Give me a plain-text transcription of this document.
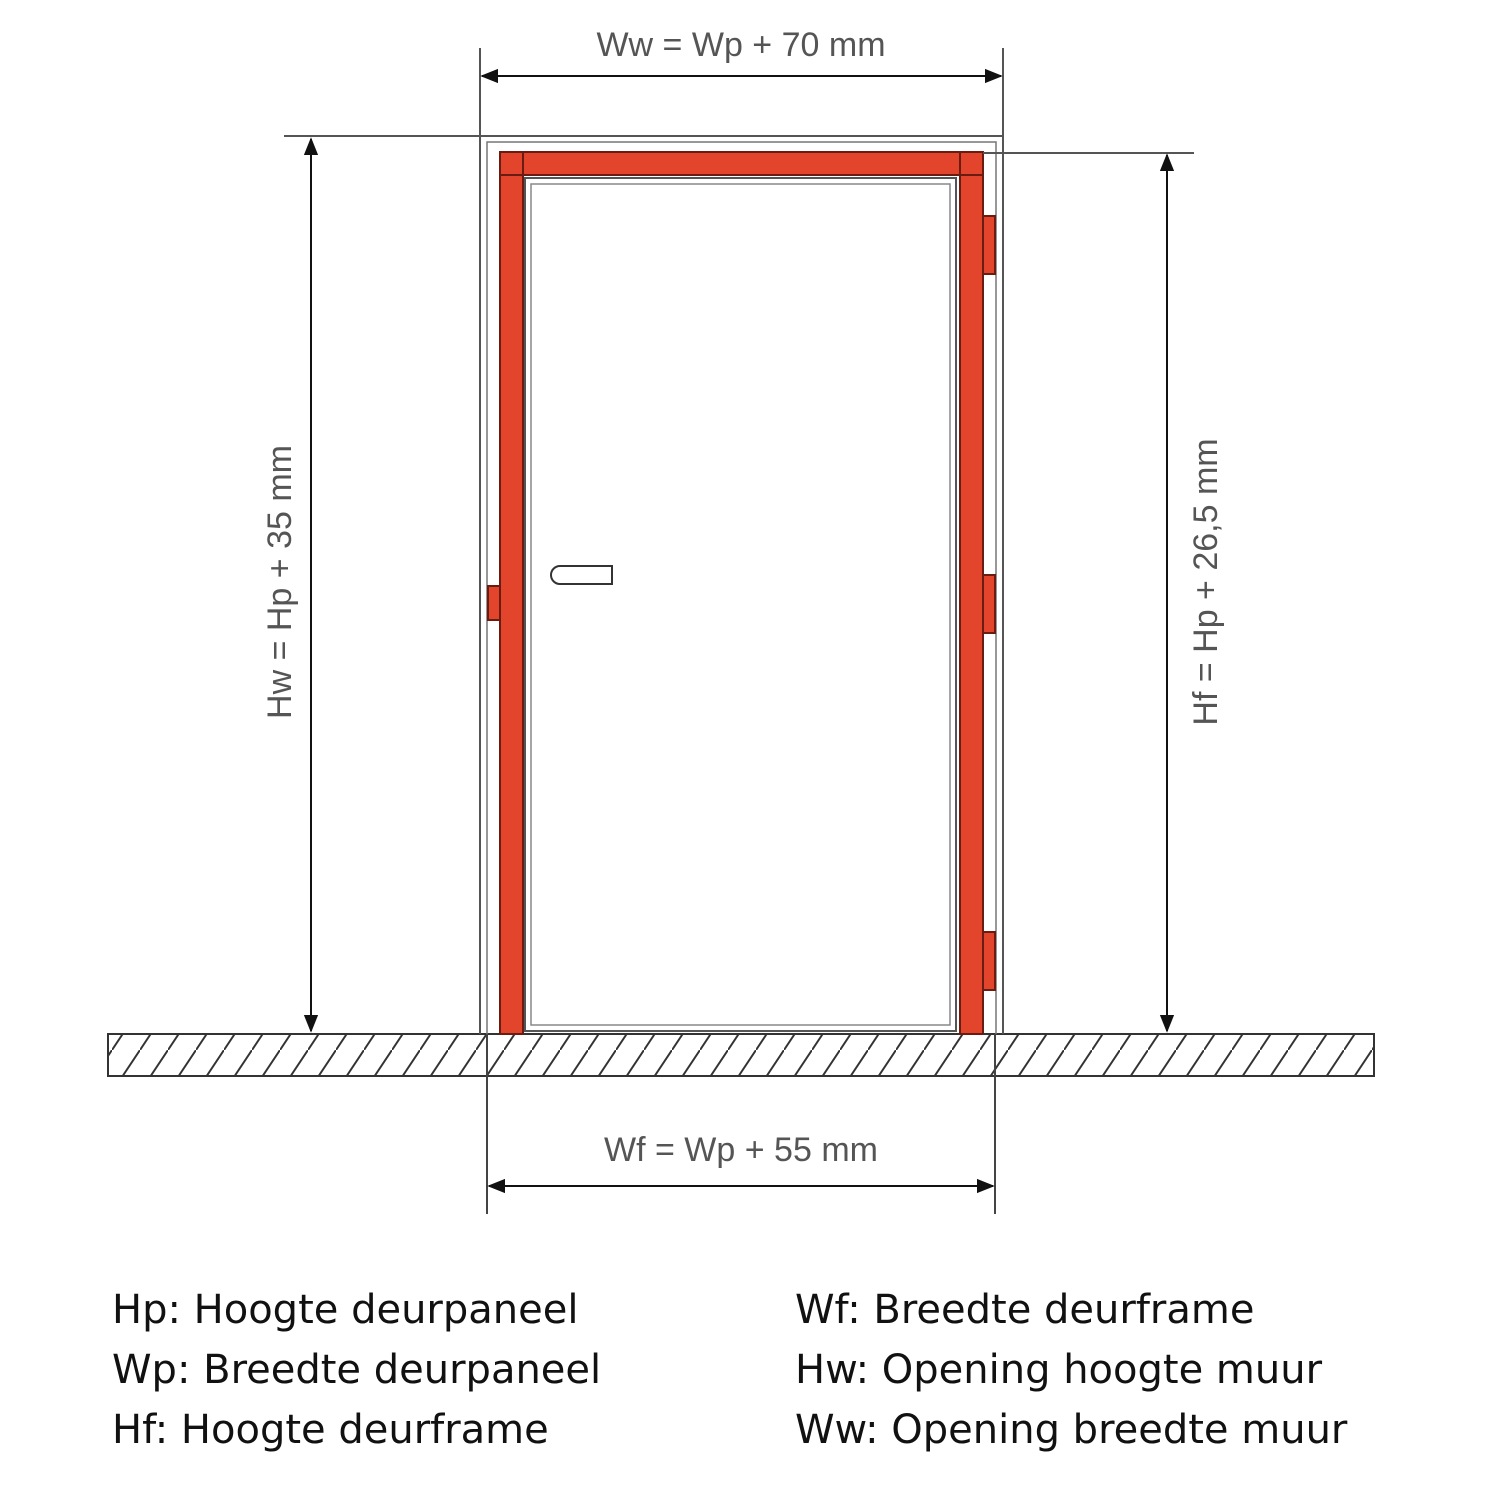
Ww = Wp + 70 mm
Hw = Hp + 35 mm	Hf = Hp + 26,5 mm
Wf = Wp + 55 mm
Hp: Hoogte deurpaneel
Wp: Breedte deurpaneel
Hf: Hoogte deurframe
Wf: Breedte deurframe
Hw: Opening hoogte muur
Ww: Opening breedte muur
